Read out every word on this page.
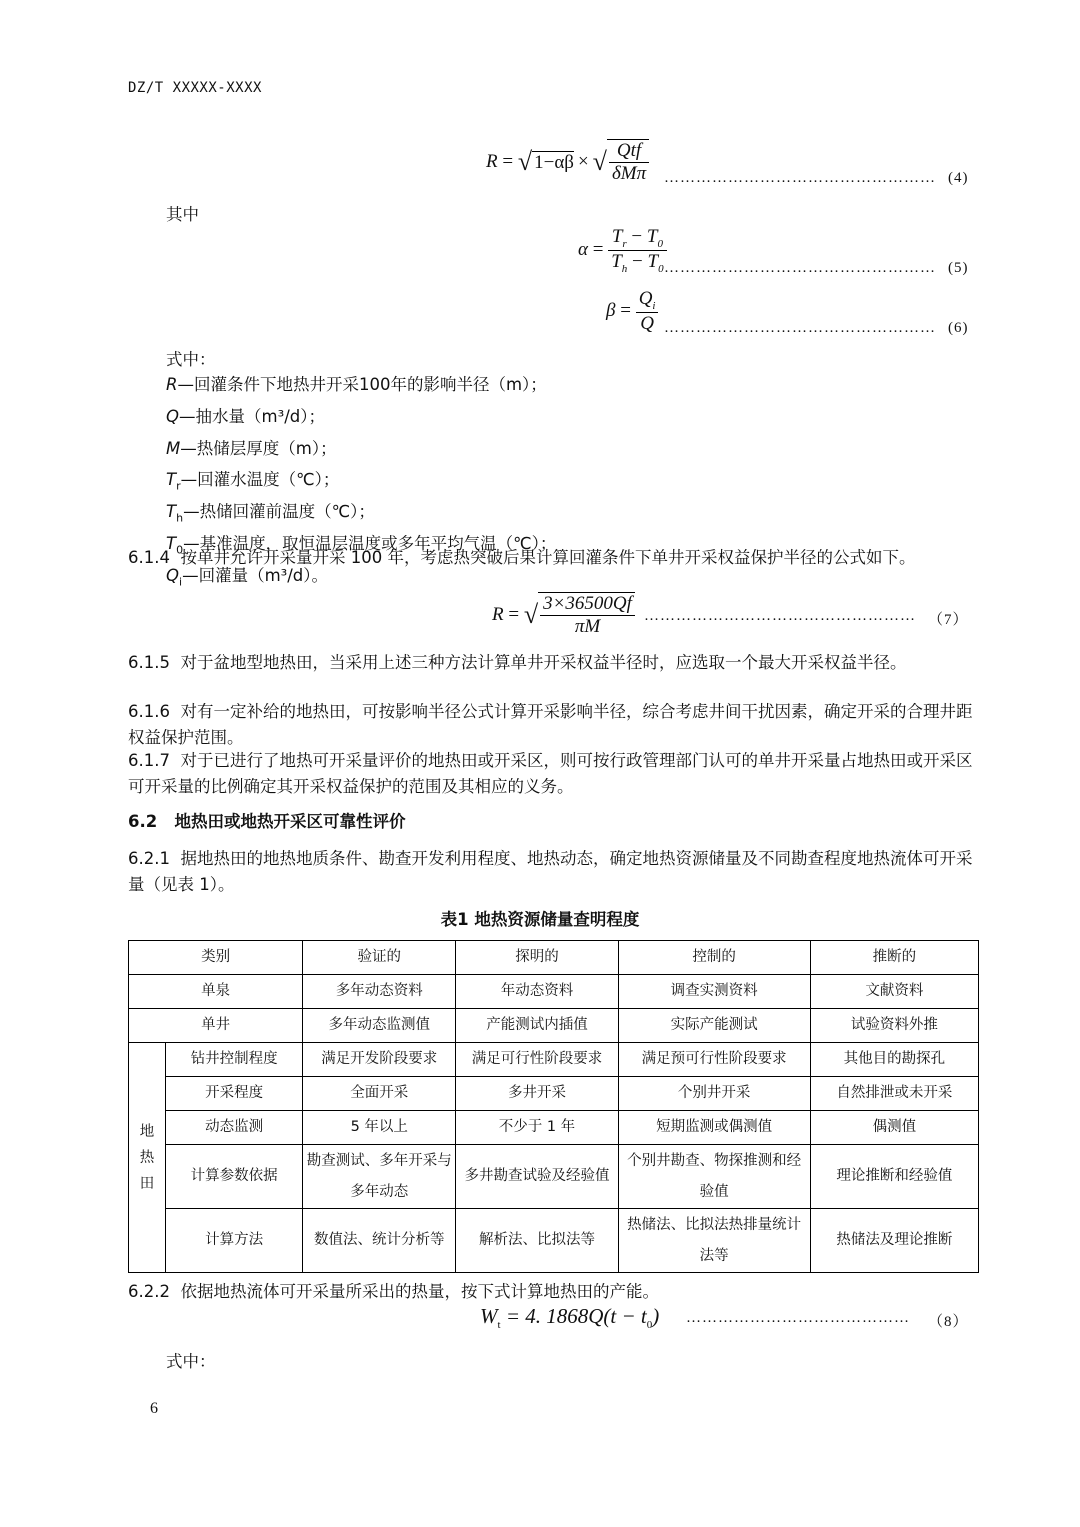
DZ/T XXXXX-XXXX
R = √ 1−αβ × √ $\frac{\text{Qtf}}{\text{δMπ}}$ …………………………………………… (4)
其中
$\alpha = \frac{T_r - T_0}{T_h - T_0}$
…………………………………………… (5)
$\beta = \frac{Q_i}{Q}$ …………………………………………… (6)
式中：
R—回灌条件下地热井开采100年的影响半径（m）；
Q—抽水量（m³/d）；
M—热储层厚度（m）；
$T_r—$回灌水温度（℃）；
$T_h—$热储回灌前温度（℃）；
$T_0—$基准温度，取恒温层温度或多年平均气温（℃）；
$Q_i—$回灌量（m³/d）。
6.1.4 按单井允许开采量开采 100 年，考虑热突破后果计算回灌条件下单井开采权益保护半径的公式如下。
R = √ $\frac{3\times 36500Qf}{\pi M}$ …………………………………………… （7）
6.1.5 对于盆地型地热田，当采用上述三种方法计算单井开采权益半径时，应选取一个最大开采权益半径。
6.1.6 对有一定补给的地热田，可按影响半径公式计算开采影响半径，综合考虑井间干扰因素，确定开采的合理井距权益保护范围。
6.1.7 对于已进行了地热可开采量评价的地热田或开采区，则可按行政管理部门认可的单井开采量占地热田或开采区可开采量的比例确定其开采权益保护的范围及其相应的义务。
6.2 地热田或地热开采区可靠性评价
6.2.1 据地热田的地热地质条件、勘查开发利用程度、地热动态，确定地热资源储量及不同勘查程度地热流体可开采量（见表 1）。
表1 地热资源储量查明程度
类别		验证的	探明的	控制的	推断的
单泉		多年动态资料	年动态资料	调查实测资料	文献资料
单井		多年动态监测值	产能测试内插值	实际产能测试	试验资料外推

地
热
田	钻井控制程度	满足开发阶段要求	满足可行性阶段要求	满足预可行性阶段要求	其他目的勘探孔
	开采程度	全面开采	多井开采	个别井开采	自然排泄或未开采
	动态监测	5 年以上	不少于 1 年	短期监测或偶测值	偶测值
	计算参数依据	勘查测试、多年开采与多年动态	多井勘查试验及经验值	个别井勘查、物探推测和经验值	理论推断和经验值
	计算方法	数值法、统计分析等	解析法、比拟法等	热储法、比拟法热排量统计法等	热储法及理论推断
6.2.2 依据地热流体可开采量所采出的热量，按下式计算地热田的产能。
$W_t = 4$. $1868Q(t - t_0)$ …………………………………… （8）
式中：
6
